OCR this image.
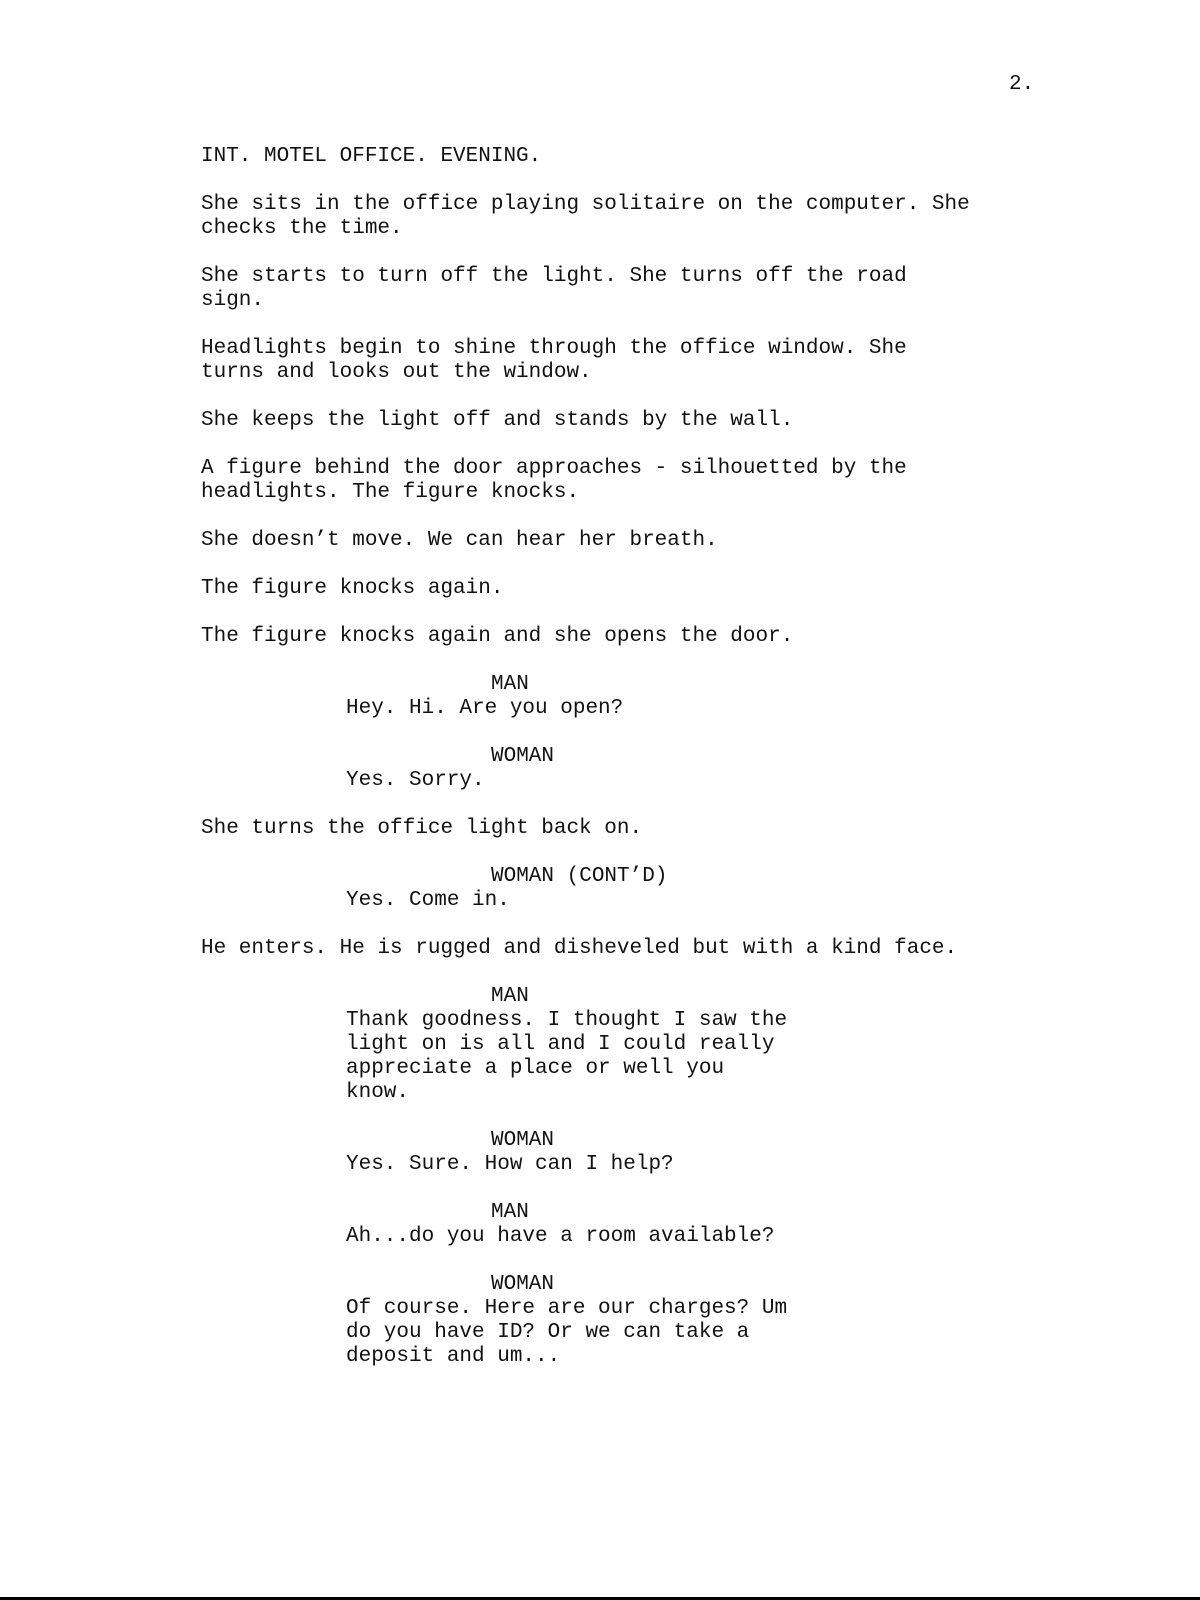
2.
INT. MOTEL OFFICE. EVENING.
She sits in the office playing solitaire on the computer. She
checks the time.
She starts to turn off the light. She turns off the road
sign.
Headlights begin to shine through the office window. She
turns and looks out the window.
She keeps the light off and stands by the wall.
A figure behind the door approaches - silhouetted by the
headlights. The figure knocks.
She doesn’t move. We can hear her breath.
The figure knocks again.
The figure knocks again and she opens the door.
MAN
Hey. Hi. Are you open?
WOMAN
Yes. Sorry.
She turns the office light back on.
WOMAN (CONT’D)
Yes. Come in.
He enters. He is rugged and disheveled but with a kind face.
MAN
Thank goodness. I thought I saw the
light on is all and I could really
appreciate a place or well you
know.
WOMAN
Yes. Sure. How can I help?
MAN
Ah...do you have a room available?
WOMAN
Of course. Here are our charges? Um
do you have ID? Or we can take a
deposit and um...
